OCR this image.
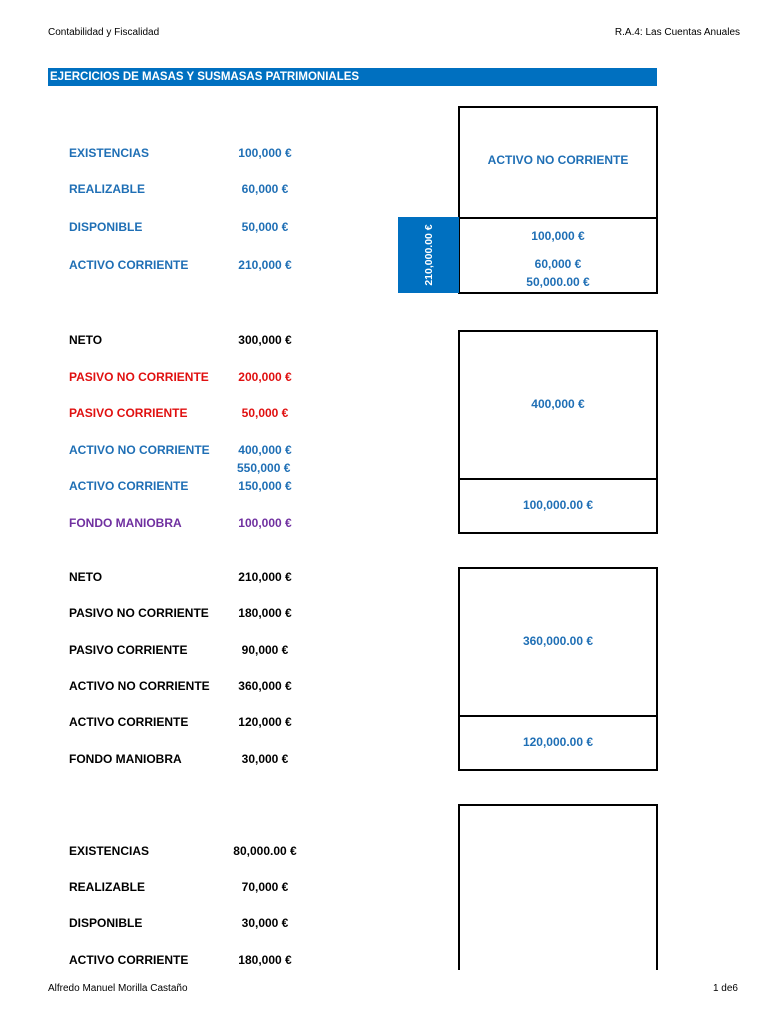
Contabilidad y Fiscalidad	R.A.4: Las Cuentas Anuales
EJERCICIOS DE MASAS Y SUSMASAS PATRIMONIALES
EXISTENCIAS	100,000 €
REALIZABLE	60,000 €
DISPONIBLE	50,000 €
ACTIVO CORRIENTE	210,000 €
ACTIVO NO CORRIENTE
100,000 €
60,000 €
50,000.00 €
210,000.00 €
NETO	300,000 €
PASIVO NO CORRIENTE	200,000 €
PASIVO CORRIENTE	50,000 €
ACTIVO NO CORRIENTE	400,000 €
550,000 €
ACTIVO CORRIENTE	150,000 €
FONDO MANIOBRA	100,000 €
400,000 €
100,000.00 €
NETO	210,000 €
PASIVO NO CORRIENTE	180,000 €
PASIVO CORRIENTE	90,000 €
ACTIVO NO CORRIENTE	360,000 €
ACTIVO CORRIENTE	120,000 €
FONDO MANIOBRA	30,000 €
360,000.00 €
120,000.00 €
EXISTENCIAS	80,000.00 €
REALIZABLE	70,000 €
DISPONIBLE	30,000 €
ACTIVO CORRIENTE	180,000 €
Alfredo Manuel Morilla Castaño	1 de6
